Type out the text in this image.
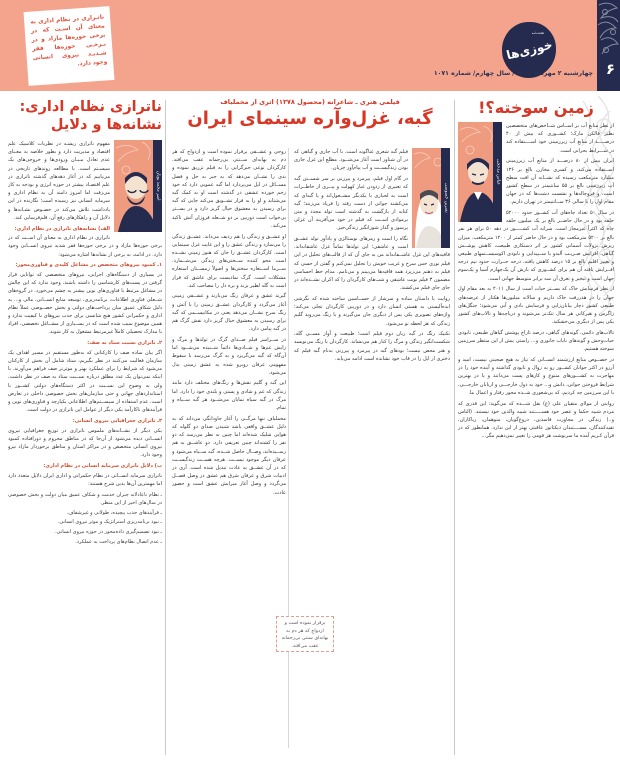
ناتـرازی در نظام اداری به معنای آن اسـت که در برخی حوزه‌ها مازاد و در بـرخـی حوزه‌ها فقر شـدیـد نیروی انسانی وجود دارد.
هفته‌نامه
خوزی‌ها
چهارشنبه ۲ مهرماه ۱۴۰۴ / سال چهارم/ شماره ۱۰۷۱ ۶
ناترازی نظام اداری:
نشانه‌ها و دلایل
امیر محمد پویان

مفهوم ناترازی ریشـه در نظریات کلاسیک علم اقتصاد و مدیریت دارد و بطور خلاصه به معـنای عدم تعادل مـیـان ورودی‌ها و خروجی‌های یک سیسـتم است. با مطالعه روندهای تاریخی در می‌یابیم که در آغاز دهه‌های گذشته ناترازی در علم اقتصـاد بیشتر در حوزه انرژی و بودجه به کار می‌رفت اما امروز دامنه آن به نظام اداری و سرمایه انسانی نیز رسیده است؛ نگارنده در این یادداشت تلاش می‌کند در خصـوص نشـانه‌ها و دلایل آن و راهکارهای رفع آن، قلم‌فرسایی کند.

الف) نشانه‌های ناترازی در نظام اداری:

ناترازی در نظام اداری به معنای آن اســت که در برخی حوزه‌ها مازاد و در برخی حوزه‌ها فقر شدید نیروی انســانی وجود دارد. در ادامه، به برخی از نشانه‌ها اشاره می‌شود:

۱ـ کمبود نیروهای متخصص در مشاغل کلیدی و فناوری‌محور:

در بسیاری از دستگاه‌های اجرایی، نیروهای متخصصی که توانایی قرار گرفتن در پست‌های کارشناسی را داشته باشند، وجود ندارد که این چالش در مشاغل مرتبط با فناوری‌های نوین بیشتر به چشم می‌خورد. در گروه‌های شــغلی فناوری اطلاعات، برنامه‌ریزی، توسعه منابع انســانی، مالی و... به دلیل شکاف عمیق میان پرداخت‌های دولتی و بخش خصــوصی عملاً نظام اداری و حکمرانی کشور هیچ شانسی برای جذب نیروهای با کیفیت ندارد و همین موضوع سبب شده است که در بســیاری از مشــاغل تخصصی، افراد با مدارک تحصیلی کاملاً غیرمرتبط مشغول به کار شوند.

۲ـ ناترازی نسبت ستاد به صف:

اگر بیان ساده صف را کارکنانی که به‌طور مستقیم در مسیر اهداف یک سازمان فعالیت می‌کنند در نظر بگیریم، ستاد شامل آن بخش از کارکنان می‌شود که شرایط را برای عملکرد بهتر و موثرتر صف فراهم می‌آورند. با اینکه نمی‌توان یک عدد مطلق درباره نســبت ستاد به صف در نظر داشت، ولی به وضوح این نســبت در اکثر دستگاه‌های دولتی کشــور با استانداردهای جهانی و حتی سازمان‌های بخش خصوصی داخلی در تعارض است. عدم استفاده از سیســتم‌های اطلاعاتی یکپارچه و فناوری‌های نوین و فرآیندهای ناکارآمد یکی دیگر از عوامل این ناترازی در دولت است.

۳ـ ناترازی جغرافیایی نیروی انسانی:

یکی دیگر از نشــانه‌های ملموس ناترازی در توزیع جغرافیایی نیروی انســانی دیده می‌شود از آن‌جا که در مناطق محروم و دورافتاده کمبود نیروی انسانی متخصص و در مراکز استان و مناطق برخوردار مازاد نیرو وجود دارد.

ب) دلایل ناترازی سرمایه انسانی در نظام اداری:

ناترازی سرمایه انســانی در نظام حکمرانی و اداری ایران دلایل متعدد دارد اما مهمترین آن‌ها بدین شرح هستند:

ـ نظام ناعادلانه جبران خدمت و شکاف عمیق میان دولت و بخش خصوصی در سال‌های اخیر از این منظر.

ـ فرآیندهای جذب پیچیده، طولانی و غیرشفاف.

ـ نبود برنامه‌ریزی استراتژیک و موثر نیروی انسانی.

ـ نبود تصمیم‌گیری داده‌محور در حوزه نیروی انسانی.

ـ عدم اتصال نظام‌های پرداخت به عملکرد.

فیلمی هنری ـ شاعرانه (محصول ۱۳۷۸) اثری از مخملباف

گبه، غزل‌وآره سینمای ایران
نسرین خصوصی

فیلم گبه شعری غناگونه است، با آب جاری و گیاهی که در آن شناور است آغاز می‌شــود. مطلع این غزل جاری بودن زندگیســت و آب پیام‌آور جریان.

در گام اول فیلم، پیرمرد و پیرزنی بر سر شســتن گبه که تعبیری از زدودن غبار کهولت و پیــری از خاطــرات است به لجبازی با یکدیگر مشــغول‌اند و با گبه‌ای که می‌کشند جوانی از دست رفته را فریاد می‌زنند؛ گبه کنایه از بازگشت به گذشته است تولد مجدد و متن برموادی اســت که فیلم در خود می‌آفریند آن غزلی پرسوز و گداز شورانگیز زندگی‌خیز.

نگاه را است و رمزهای نوستالژی و یادآور تولد عشــق است و عاشقی؛ این تولدها تماماً غزل عاشقانه‌اند. قافیه‌های این غزل عاشــقانه‌اند من به جای آن که از قالب‌های تحلیل در این فیلم نوری حس سرخ و غریب خویش را تحلیل نمی‌کنم و گفتن از حسی که فیلم به ذهنم می‌ریزد همه قافیه‌ها می‌بینم و می‌نامم. مدام خط احساسی مضمون ۳ فیلم نوبت عاشقی و شب‌های کارگردان را که اکران نشــده‌اند در جای جای فیلم می‌کشند.

روایت با داستان ساده و سرشار از حســاسین ساخته شده که نگرشی ایده‌آلیستی به هستی انسان دارد و در دوربین کارگردان تجلی می‌کند؛ واژه‌های تصویری یکی پس از دیگری جان می‌گیرند و با رنگ می‌روید گلیم زندگی که هر لحظه نو می‌شود.

تکنیک رنگ در گبه زبان دوم فیلم است؛ طبیعت و آواز مســی گله، شکست‌انگیز زندگی و مرگ را کنار هم می‌نشاند. کارگردان با رنگ می‌نویسد و هنر محض نیست؛ بودهای گبه در پیرمرد و پیرزنی به‌نام گبه فیلم که دختری از ایل را در قاب خود نشانده است ادامه می‌یابد.

روحی و عشــقی برقرار نموده است و ازدواج که هر دم به بهانه‌ای ســنتی بی‌رحمانه عقب می‌افتد. کارگردان نوعی جبرگرایی را به فیلم تزریق نموده و بدی را نشــان می‌دهد که به جبر به حل و فصل مســائل در ایل می‌پردازد اما گبه عمویی دارد که خود زخم خورده عشقی در گذشته است او به کمک گبه می‌شتابد و او را به فرار تشــویق می‌کند جایی که گبه برای رسیدن به معشوق خیال گریز دارد و در بســتر بی‌خواب است دوربین بر دو شــعله فروزان آتش تاکید می‌کند.

او عشــق و زندگی را هم ردیف می‌داند. عشــق زندگی را می‌سازد و زندگی عشق را و این غایت غزل سینمایی است. کارگردان عشــق را جان که هنوز زمینی نشــده است محو کننده ســختی‌های زندگی می‌شــمارد. ســرما اســتعاره سختی‌ها و اصولاً زمســتان استعاره مشکلات است. گرگ نمادیست برای عاشق که قرار است به گله لطیر بزند و بره دل را مصاحب کند.

گیرند عشق و عرفان رنگ می‌بازند و عشــقی زمینی آغاز می‌گردد و کارگردان عشــق زمینی را با آتش و رنگ سرخ نشــان می‌دهد یعنی در مکانیســمی که گبه برای رسیدن به معشوق خیال گریز دارد نقش گرگ هم در گبه پیامی دارد.

در ســراسر فیلم صــدای گرگ در تولدها و مرگ و زایش غم‌ها و شــادی‌ها دائماً شــنیده می‌شــود اما آن‌گاه که گبه می‌گریزد و به گرگ می‌رسد با سقوط مفهومی عرفان روبرو شده به عشق زمینی بدل می‌شود.

این گبه و گلیم نقش‌ها و رنگ‌های مختلف دارد مانند زندگی که غم و شادی و پستی و بلندی خود را دارد. اما مرگ در گبه سیاه نمایان می‌شــود هر گبه ســیاه و تمام.

مخملباف تنها مرگــی را آغاز جاودانگی می‌داند که به دلیل عشــق واقعی باشد شنیدن صدای دو گلوله که هوایی شلیک شده‌اند اما چنین به نظر می‌رسد که دو نفر را کشته‌اند چنین تعریفی دارد. دو عاشــق به هم رســیده‌اند، وصــال حاصل شــده، گبه ســیاه می‌شود و عرفان دیگر موجود نیســت. هرچه هســت زندگیســت که در آن عشــق به عادت تبدیل شده است. آری در ادبیات شرق و عرفان شرق هم عشق در وصل فصــل می‌گردد و وصل آغاز میرایش عشق است و حضور عادت.

برقرار نموده است و ازدواج که هر دم به بهانه‌ای سنتی بی‌رحمانه عقب می‌افتد.
زمین سوخته؟!
عباس مدحجی

از نظر منابع آب بر اســاس شــاخص‌های متخصصین نظیر فالکن مارک؛ کشــوری که بیش از ۴۰ درصـــــد از منابع آب زیرزمینی خود اســــتفاده کند در شـــرایط بحرانی است.

ایران بیش از ۸۰ درصـــد از منابع آب زیرزمینی اســتفاده می‌کند، و کسری مخازن بالغ بر ۱۳۶ میلیارد مترمکعب رسیده که نشــانه آن افت سطح آب زیرزمینی بالغ بر ۵۵ سانتیمتر در سطح کشور است، و فروچاله‌ها و نشست دشت‌ها که در جهان مقام اول را با سالی ۳۶ ســانتیمتر در تهران داریم.

در سال ۵۰ تعداد چاه‌های آب کشــور حدود ۵۲۰۰۰ حلقه بود و در حال حاضــر بالغ بر یک میلیون حلقه چاه که اکثراً غیرمجاز است. سرانه آب کشـــــور در دهه ۵۰ برای هر نفر بالغ بر ۵۲۰۰ مترمکعب بود و در حال حاضر کمتر از ۱۲۰۰ مترمکعب. میزان ریزش نزولات آسمانی کشور بر اثر دستکاری طبیعت، کاهش پوشــش گیاهی، افزایش ضـریـب آلبدو یا ســپیدایی و نابودی اکوسیســتمهای طبیعی و تغییر اقلیم بالغ بر ۱۵ درصد کاهش یافته، درجه حــرارت حدود نیم درجه افــزایش یافته آن هم برای کشــوری که بارش آن یک‌چهارم آسیا و یک‌سوم جهان است و تبخیر و تعرق آن سه برابر متوسط جهانی است.

از نظر فرسایش خاک که بســتر حیات است از سال ۲۰۱۱ به بعد مقام اول جهان را در هدررفت خاک داریم و سالانه میلیون‌ها هکتار از عرصه‌های طبیعی کشور دچار بیابان‌زایی و فرسایش بادی و آبی می‌شود؛ جنگل‌های زاگرس و هیرکانی هر سال تنک‌تر می‌شوند و دریاچه‌ها و تالاب‌های کشور یکی پس از دیگری می‌خشکند.

تالاب‌های دائمی، گونه‌های گیاهی، درصد تاراج پوشش گیاهان طبیعی، نابودی حیات‌وحش و گونه‌های نایاب جانوری و... راستی بیش از این منتظر سرزمین سوخته هستیم.

در خصــوص منابع ارزشمند انســانی که نیاز به هیچ صحبتی نیست، امید و آرزو در اکثر جوانان کشــور رو به زوال و نابودی گذاشته و آینده خود را در مهاجرت به کشـــورهای متنوع و کارهای پست می‌دانند و یا در بهترین شرایط فروختن جوانی، دانش و... خود به دول خارجـــی و اربابان خارجـــی، با این سرزمین چه کردیم، که بی‌شعوری شــده محور رفتار و اعمال ما.

روایتی از مولای متقیان علی (ع) نقل شـــده که می‌گوید: این قدری که مردم شبیه حکما و عصر خود هســـــتند شبیه والدین خود نیستند. (الناس و..) زندگی در مجاورت فاسدین، دروغ‌گویان، متوهمان، ریاکاران، تقیه‌کنندگان، مســــتبدان دیکتاتور عاقبتی بهتر از این ندارد. همانطور که در قرآن کـریم آمده ما سرنوشت هر قومی را تغییر نمی‌دهیم مگر...
